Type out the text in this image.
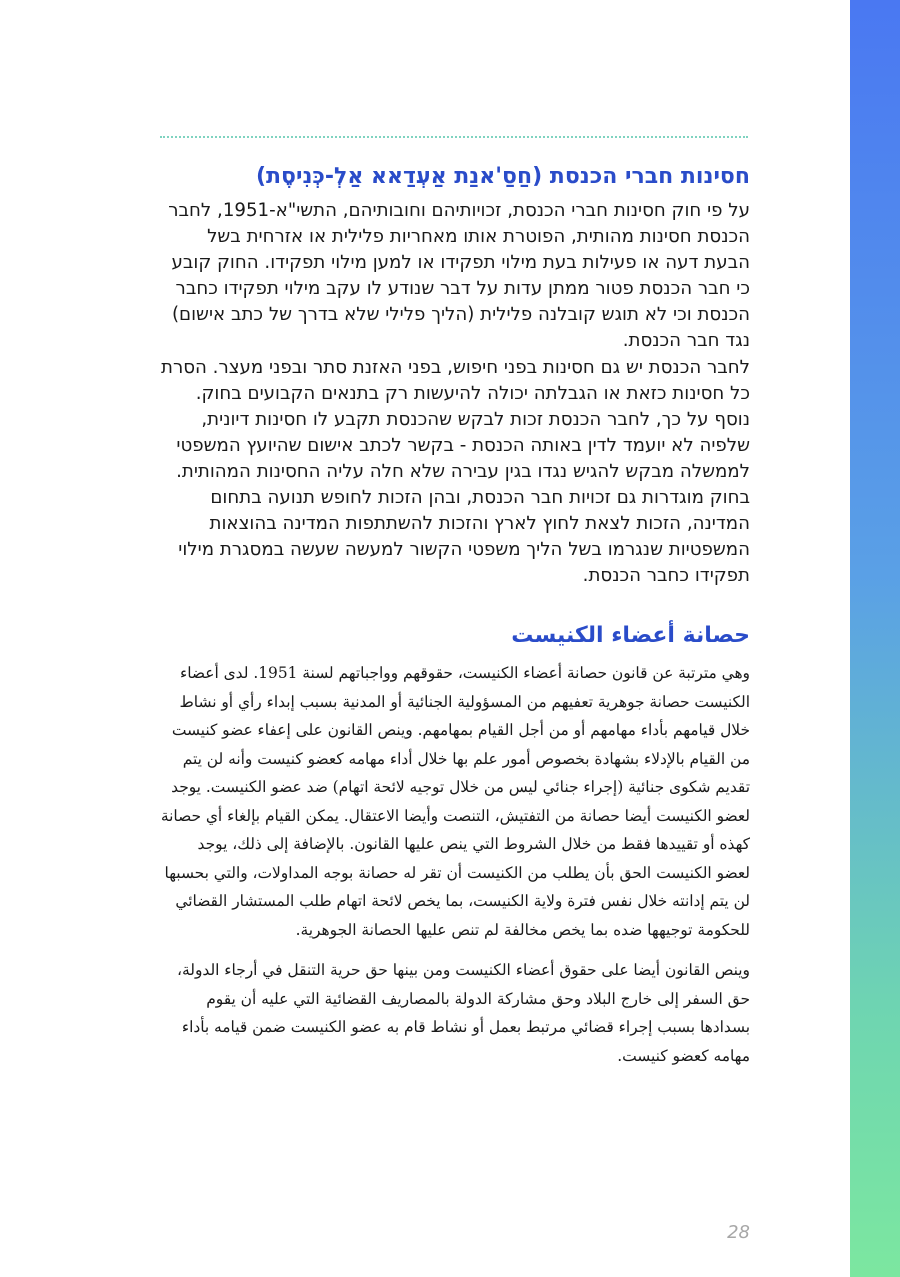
חסינות חברי הכנסת (חַסַ'אנַת אַעְדַאא אַלְ-כְּנִיסֶת)

על פי חוק חסינות חברי הכנסת, זכויותיהם וחובותיהם, התשי"א-1951, לחבר הכנסת חסינות מהותית, הפוטרת אותו מאחריות פלילית או אזרחית בשל הבעת דעה או פעילות בעת מילוי תפקידו או למען מילוי תפקידו. החוק קובע כי חבר הכנסת פטור ממתן עדות על דבר שנודע לו עקב מילוי תפקידו כחבר הכנסת וכי לא תוגש קובלנה פלילית (הליך פלילי שלא בדרך של כתב אישום) נגד חבר הכנסת.

לחבר הכנסת יש גם חסינות בפני חיפוש, בפני האזנת סתר ובפני מעצר. הסרת כל חסינות כזאת או הגבלתה יכולה להיעשות רק בתנאים הקבועים בחוק. נוסף על כך, לחבר הכנסת זכות לבקש שהכנסת תקבע לו חסינות דיונית, שלפיה לא יועמד לדין באותה הכנסת - בקשר לכתב אישום שהיועץ המשפטי לממשלה מבקש להגיש נגדו בגין עבירה שלא חלה עליה החסינות המהותית. בחוק מוגדרות גם זכויות חבר הכנסת, ובהן הזכות לחופש תנועה בתחום המדינה, הזכות לצאת לחוץ לארץ והזכות להשתתפות המדינה בהוצאות המשפטיות שנגרמו בשל הליך משפטי הקשור למעשה שעשה במסגרת מילוי תפקידו כחבר הכנסת.

حصانة أعضاء الكنيست

وهي مترتبة عن قانون حصانة أعضاء الكنيست، حقوقهم وواجباتهم لسنة 1951. لدى أعضاء الكنيست حصانة جوهرية تعفيهم من المسؤولية الجنائية أو المدنية بسبب إبداء رأي أو نشاط خلال قيامهم بأداء مهامهم أو من أجل القيام بمهامهم. وينص القانون على إعفاء عضو كنيست من القيام بالإدلاء بشهادة بخصوص أمور علم بها خلال أداء مهامه كعضو كنيست وأنه لن يتم تقديم شكوى جنائية (إجراء جنائي ليس من خلال توجيه لائحة اتهام) ضد عضو الكنيست. يوجد لعضو الكنيست أيضا حصانة من التفتيش، التنصت وأيضا الاعتقال. يمكن القيام بإلغاء أي حصانة كهذه أو تقييدها فقط من خلال الشروط التي ينص عليها القانون. بالإضافة إلى ذلك، يوجد لعضو الكنيست الحق بأن يطلب من الكنيست أن تقر له حصانة بوجه المداولات، والتي بحسبها لن يتم إدانته خلال نفس فترة ولاية الكنيست، بما يخص لائحة اتهام طلب المستشار القضائي للحكومة توجيهها ضده بما يخص مخالفة لم تنص عليها الحصانة الجوهرية.

وينص القانون أيضا على حقوق أعضاء الكنيست ومن بينها حق حرية التنقل في أرجاء الدولة، حق السفر إلى خارج البلاد وحق مشاركة الدولة بالمصاريف القضائية التي عليه أن يقوم بسدادها بسبب إجراء قضائي مرتبط بعمل أو نشاط قام به عضو الكنيست ضمن قيامه بأداء مهامه كعضو كنيست.

28
